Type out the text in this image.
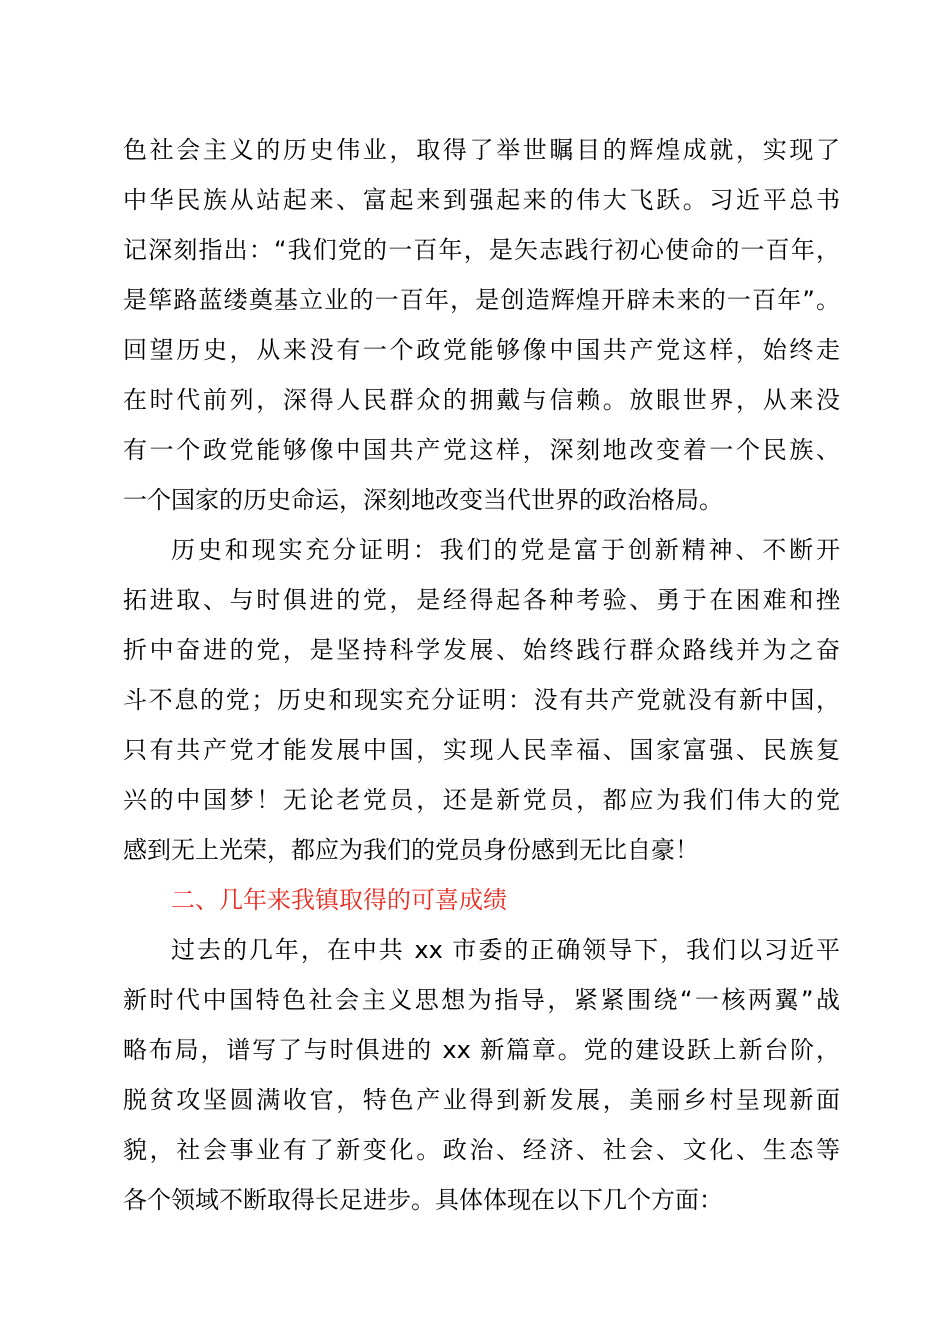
色社会主义的历史伟业，取得了举世瞩目的辉煌成就，实现了
中华民族从站起来、富起来到强起来的伟大飞跃。习近平总书
记深刻指出：“我们党的一百年，是矢志践行初心使命的一百年，
是筚路蓝缕奠基立业的一百年，是创造辉煌开辟未来的一百年”。
回望历史，从来没有一个政党能够像中国共产党这样，始终走
在时代前列，深得人民群众的拥戴与信赖。放眼世界，从来没
有一个政党能够像中国共产党这样，深刻地改变着一个民族、
一个国家的历史命运，深刻地改变当代世界的政治格局。
历史和现实充分证明：我们的党是富于创新精神、不断开
拓进取、与时俱进的党，是经得起各种考验、勇于在困难和挫
折中奋进的党，是坚持科学发展、始终践行群众路线并为之奋
斗不息的党；历史和现实充分证明：没有共产党就没有新中国，
只有共产党才能发展中国，实现人民幸福、国家富强、民族复
兴的中国梦！无论老党员，还是新党员，都应为我们伟大的党
感到无上光荣，都应为我们的党员身份感到无比自豪！
二、几年来我镇取得的可喜成绩
过去的几年，在中共 xx 市委的正确领导下，我们以习近平
新时代中国特色社会主义思想为指导，紧紧围绕“一核两翼”战
略布局，谱写了与时俱进的 xx 新篇章。党的建设跃上新台阶，
脱贫攻坚圆满收官，特色产业得到新发展，美丽乡村呈现新面
貌，社会事业有了新变化。政治、经济、社会、文化、生态等
各个领域不断取得长足进步。具体体现在以下几个方面：
